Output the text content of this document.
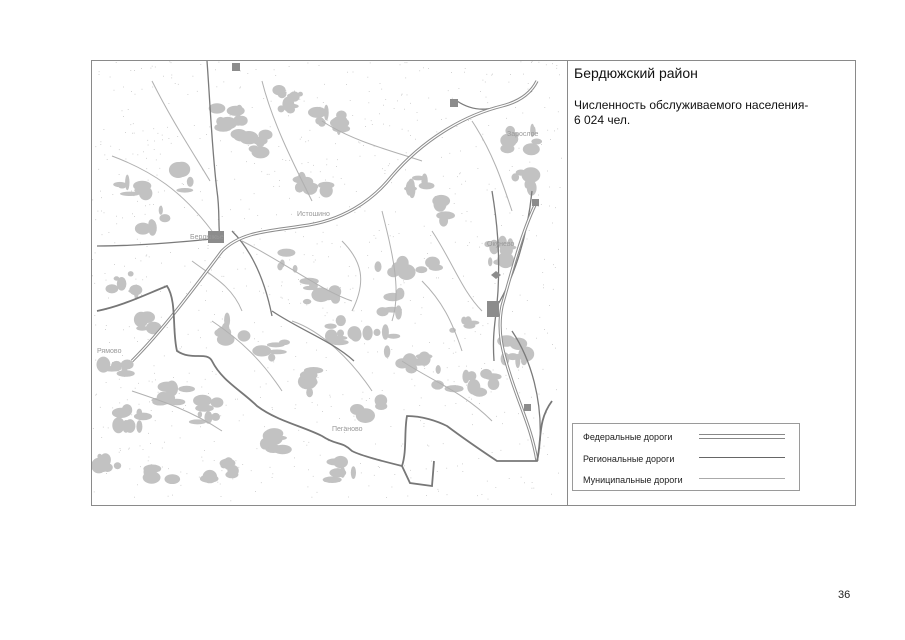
Бердюжье
Истошино
Рямово
Зарослое
Пеганово
Окунево
Бердюжский район
Численность обслуживаемого населения-
6 024 чел.
Федеральные дороги
Региональные дороги
Муниципальные дороги
36
